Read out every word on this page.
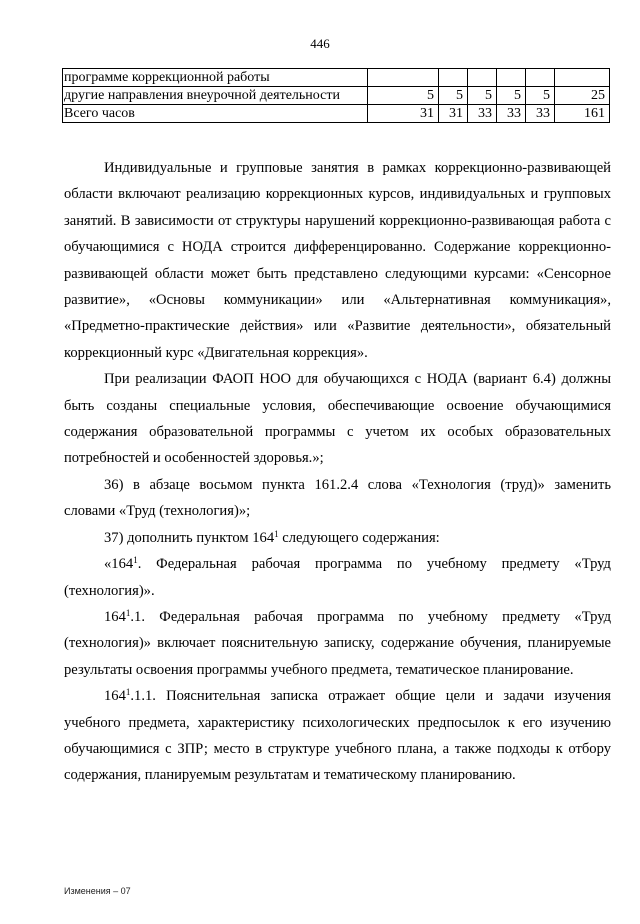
446
программе коррекционной работы						
другие направления внеурочной деятельности	5	5	5	5	5	25
Всего часов	31	31	33	33	33	161

Индивидуальные и групповые занятия в рамках коррекционно-развивающей области включают реализацию коррекционных курсов, индивидуальных и групповых занятий. В зависимости от структуры нарушений коррекционно-развивающая работа с обучающимися с НОДА строится дифференцированно. Содержание коррекционно-развивающей области может быть представлено следующими курсами: «Сенсорное развитие», «Основы коммуникации» или «Альтернативная коммуникация», «Предметно-практические действия» или «Развитие деятельности», обязательный коррекционный курс «Двигательная коррекция».

При реализации ФАОП НОО для обучающихся с НОДА (вариант 6.4) должны быть созданы специальные условия, обеспечивающие освоение обучающимися содержания образовательной программы с учетом их особых образовательных потребностей и особенностей здоровья.»;

36) в абзаце восьмом пункта 161.2.4 слова «Технология (труд)» заменить словами «Труд (технология)»;

37) дополнить пунктом $164^1$ следующего содержания:

«$164^1$. Федеральная рабочая программа по учебному предмету «Труд (технология)».

$164^1.1$. Федеральная рабочая программа по учебному предмету «Труд (технология)» включает пояснительную записку, содержание обучения, планируемые результаты освоения программы учебного предмета, тематическое планирование.

$164^1.1.1$. Пояснительная записка отражает общие цели и задачи изучения учебного предмета, характеристику психологических предпосылок к его изучению обучающимися с ЗПР; место в структуре учебного плана, а также подходы к отбору содержания, планируемым результатам и тематическому планированию.

Изменения – 07
